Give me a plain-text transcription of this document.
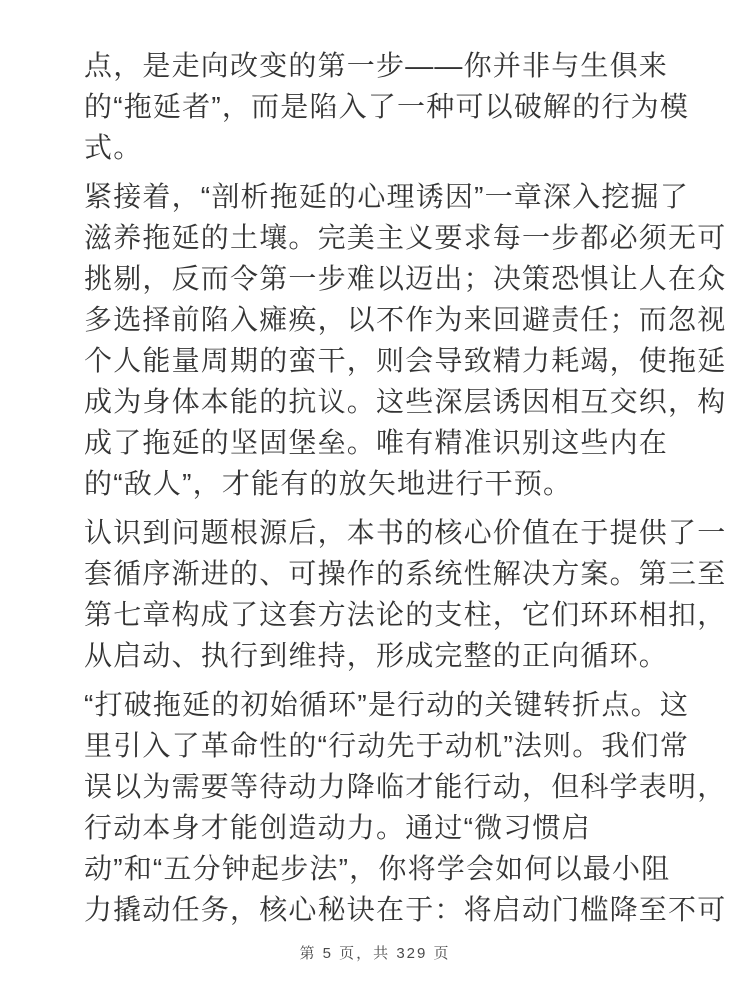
点，是走向改变的第一步——你并非与生俱来
的“拖延者”，而是陷入了一种可以破解的行为模
式。
紧接着，“剖析拖延的心理诱因”一章深入挖掘了
滋养拖延的土壤。完美主义要求每一步都必须无可
挑剔，反而令第一步难以迈出；决策恐惧让人在众
多选择前陷入瘫痪，以不作为来回避责任；而忽视
个人能量周期的蛮干，则会导致精力耗竭，使拖延
成为身体本能的抗议。这些深层诱因相互交织，构
成了拖延的坚固堡垒。唯有精准识别这些内在
的“敌人”，才能有的放矢地进行干预。
认识到问题根源后，本书的核心价值在于提供了一
套循序渐进的、可操作的系统性解决方案。第三至
第七章构成了这套方法论的支柱，它们环环相扣，
从启动、执行到维持，形成完整的正向循环。
“打破拖延的初始循环”是行动的关键转折点。这
里引入了革命性的“行动先于动机”法则。我们常
误以为需要等待动力降临才能行动，但科学表明，
行动本身才能创造动力。通过“微习惯启
动”和“五分钟起步法”，你将学会如何以最小阻
力撬动任务，核心秘诀在于：将启动门槛降至不可
第 5 页，共 329 页
